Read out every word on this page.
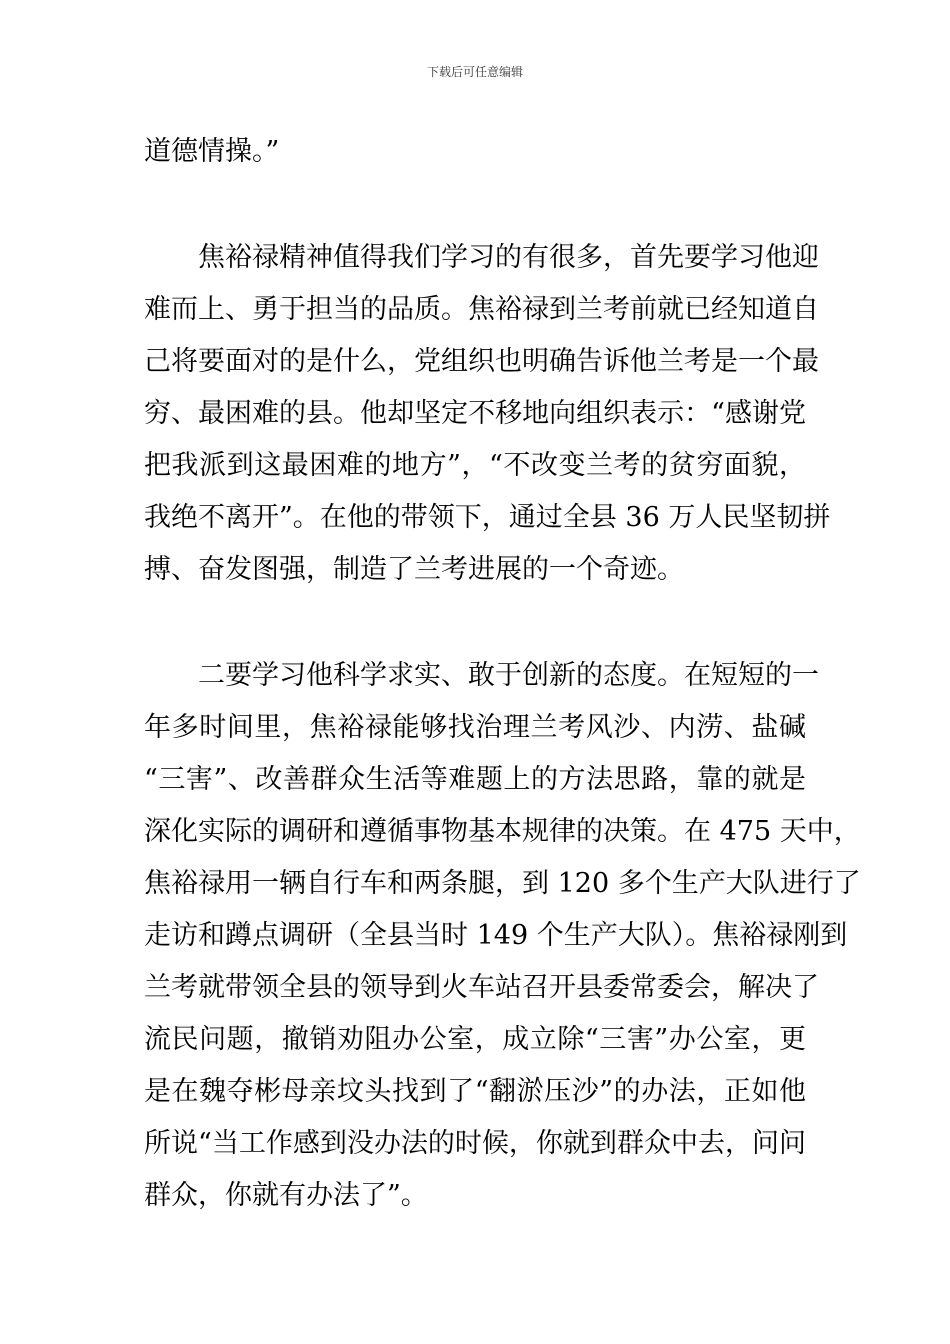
下载后可任意编辑
道德情操。”
　　焦裕禄精神值得我们学习的有很多，首先要学习他迎
难而上、勇于担当的品质。焦裕禄到兰考前就已经知道自
己将要面对的是什么，党组织也明确告诉他兰考是一个最
穷、最困难的县。他却坚定不移地向组织表示：“感谢党
把我派到这最困难的地方”，“不改变兰考的贫穷面貌，
我绝不离开”。在他的带领下，通过全县 36 万人民坚韧拼
搏、奋发图强，制造了兰考进展的一个奇迹。
　　二要学习他科学求实、敢于创新的态度。在短短的一
年多时间里，焦裕禄能够找治理兰考风沙、内涝、盐碱
“三害”、改善群众生活等难题上的方法思路，靠的就是
深化实际的调研和遵循事物基本规律的决策。在 475 天中，
焦裕禄用一辆自行车和两条腿，到 120 多个生产大队进行了
走访和蹲点调研（全县当时 149 个生产大队）。焦裕禄刚到
兰考就带领全县的领导到火车站召开县委常委会，解决了
流民问题，撤销劝阻办公室，成立除“三害”办公室，更
是在魏夺彬母亲坟头找到了“翻淤压沙”的办法，正如他
所说“当工作感到没办法的时候，你就到群众中去，问问
群众，你就有办法了”。
